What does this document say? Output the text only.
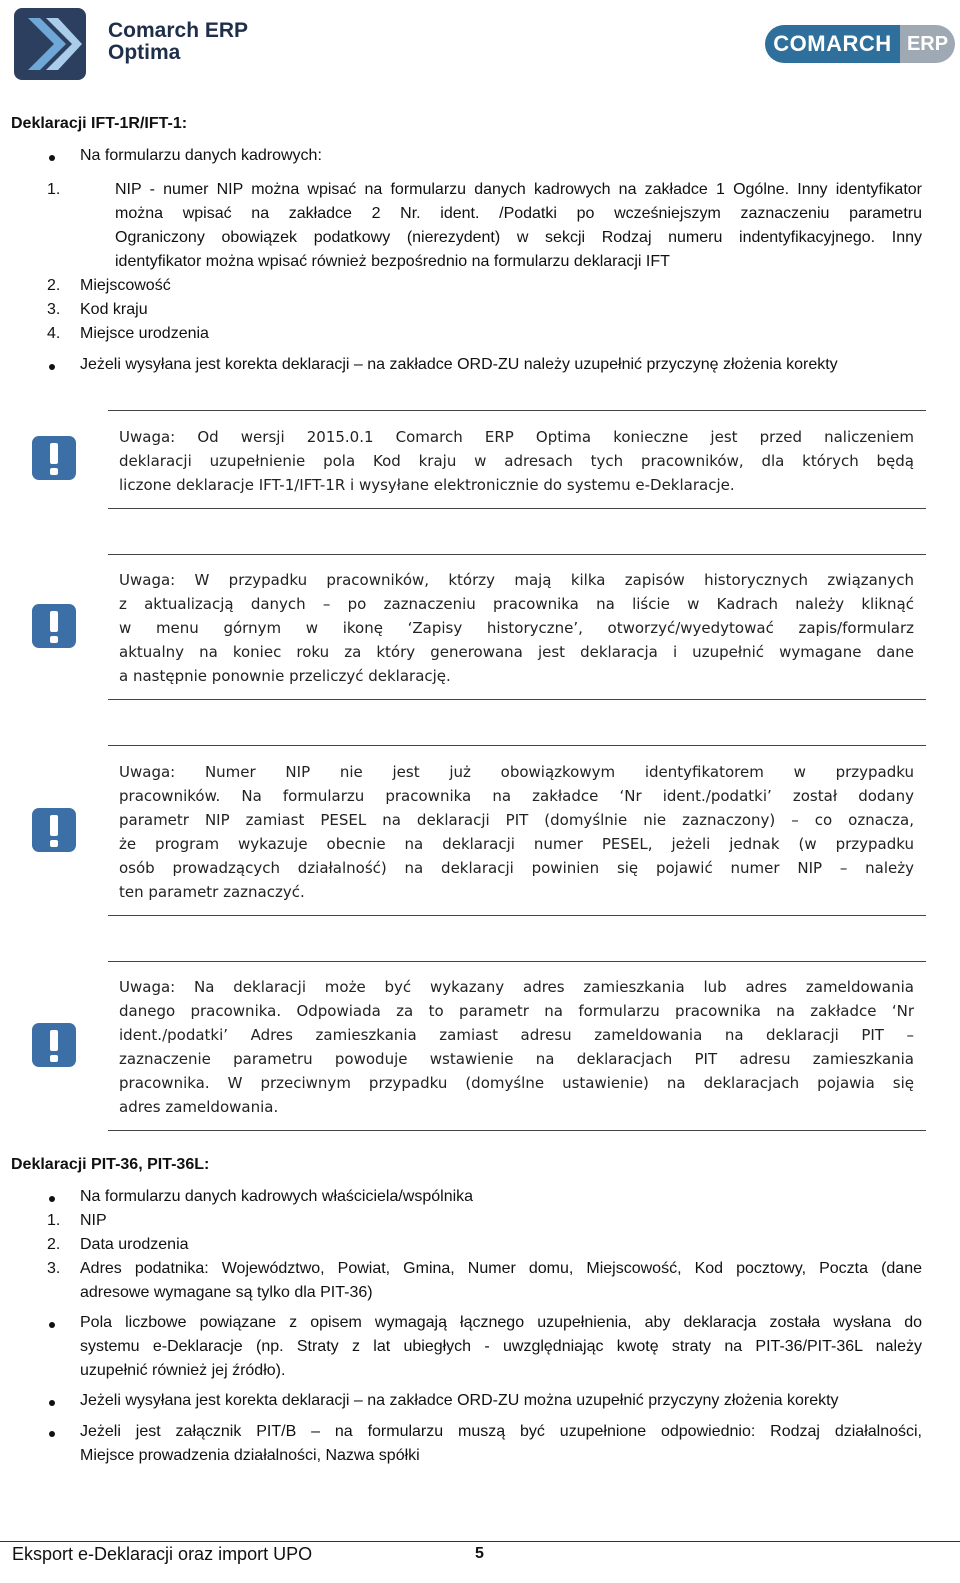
Comarch ERP
Optima	COMARCH ERP
Deklaracji IFT-1R/IFT-1:
Na formularzu danych kadrowych:
1.	NIP - numer NIP można wpisać na formularzu danych kadrowych na zakładce 1 Ogólne. Inny identyfikator
można wpisać na zakładce 2 Nr. ident. /Podatki po wcześniejszym zaznaczeniu parametru
Ograniczony obowiązek podatkowy (nierezydent) w sekcji Rodzaj numeru indentyfikacyjnego. Inny
identyfikator można wpisać również bezpośrednio na formularzu deklaracji IFT
2. Miejscowość
3. Kod kraju
4. Miejsce urodzenia
Jeżeli wysyłana jest korekta deklaracji – na zakładce ORD-ZU należy uzupełnić przyczynę złożenia korekty
Uwaga: Od wersji 2015.0.1 Comarch ERP Optima konieczne jest przed naliczeniem
deklaracji uzupełnienie pola Kod kraju w adresach tych pracowników, dla których będą
liczone deklaracje IFT-1/IFT-1R i wysyłane elektronicznie do systemu e-Deklaracje.
Uwaga: W przypadku pracowników, którzy mają kilka zapisów historycznych związanych
z aktualizacją danych – po zaznaczeniu pracownika na liście w Kadrach należy kliknąć
w menu górnym w ikonę ‘Zapisy historyczne’, otworzyć/wyedytować zapis/formularz
aktualny na koniec roku za który generowana jest deklaracja i uzupełnić wymagane dane
a następnie ponownie przeliczyć deklarację.
Uwaga: Numer NIP nie jest już obowiązkowym identyfikatorem w przypadku
pracowników. Na formularzu pracownika na zakładce ‘Nr ident./podatki’ został dodany
parametr NIP zamiast PESEL na deklaracji PIT (domyślnie nie zaznaczony) – co oznacza,
że program wykazuje obecnie na deklaracji numer PESEL, jeżeli jednak (w przypadku
osób prowadzących działalność) na deklaracji powinien się pojawić numer NIP – należy
ten parametr zaznaczyć.
Uwaga: Na deklaracji może być wykazany adres zamieszkania lub adres zameldowania
danego pracownika. Odpowiada za to parametr na formularzu pracownika na zakładce ‘Nr
ident./podatki’ Adres zamieszkania zamiast adresu zameldowania na deklaracji PIT –
zaznaczenie parametru powoduje wstawienie na deklaracjach PIT adresu zamieszkania
pracownika. W przeciwnym przypadku (domyślne ustawienie) na deklaracjach pojawia się
adres zameldowania.
Deklaracji PIT-36, PIT-36L:
Na formularzu danych kadrowych właściciela/wspólnika
1. NIP
2. Data urodzenia
3. Adres podatnika: Województwo, Powiat, Gmina, Numer domu, Miejscowość, Kod pocztowy, Poczta (dane
adresowe wymagane są tylko dla PIT-36)
Pola liczbowe powiązane z opisem wymagają łącznego uzupełnienia, aby deklaracja została wysłana do
systemu e-Deklaracje (np. Straty z lat ubiegłych - uwzględniając kwotę straty na PIT-36/PIT-36L należy
uzupełnić również jej źródło).
Jeżeli wysyłana jest korekta deklaracji – na zakładce ORD-ZU można uzupełnić przyczyny złożenia korekty
Jeżeli jest załącznik PIT/B – na formularzu muszą być uzupełnione odpowiednio: Rodzaj działalności,
Miejsce prowadzenia działalności, Nazwa spółki
Eksport e-Deklaracji oraz import UPO	5
